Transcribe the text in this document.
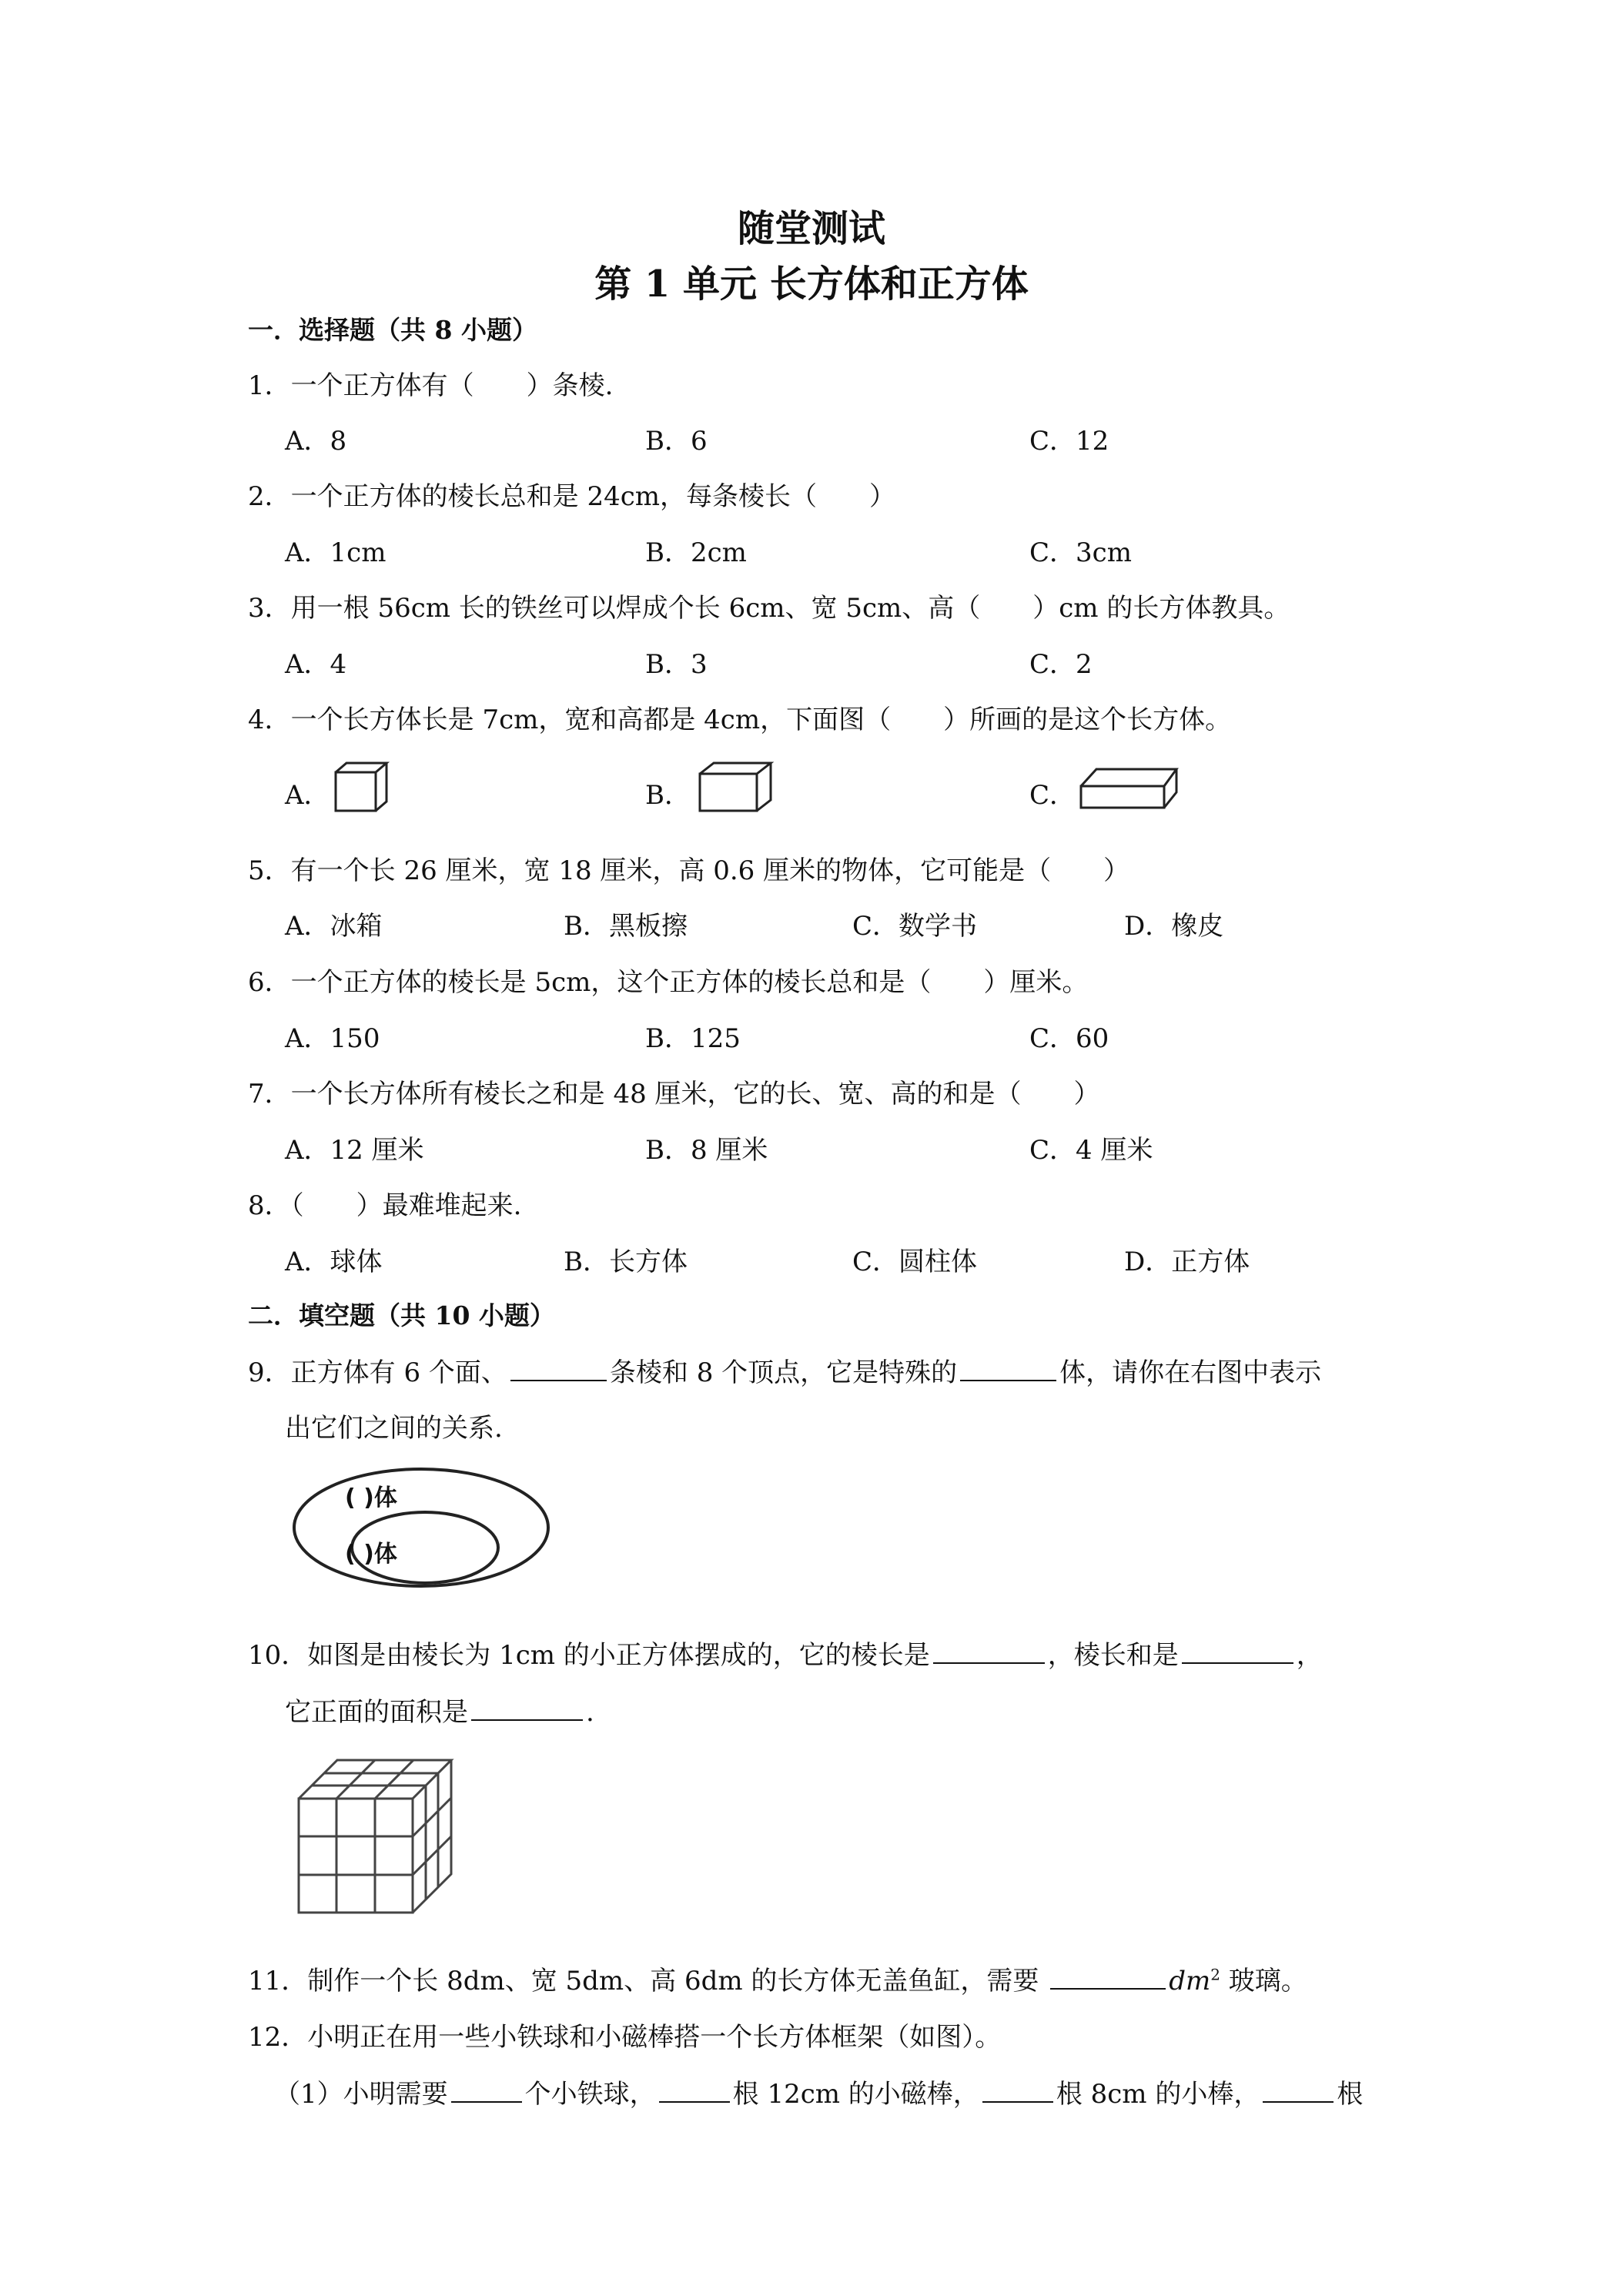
随堂测试
第 1 单元 长方体和正方体
一．选择题（共 8 小题）
1．一个正方体有（　　）条棱.
A．8	B．6	C．12
2．一个正方体的棱长总和是 24cm，每条棱长（　　）
A．1cm	B．2cm	C．3cm
3．用一根 56cm 长的铁丝可以焊成个长 6cm、宽 5cm、高（　　）cm 的长方体教具。
A．4	B．3	C．2
4．一个长方体长是 7cm，宽和高都是 4cm，下面图（　　）所画的是这个长方体。
A．	B．	C．
5．有一个长 26 厘米，宽 18 厘米，高 0.6 厘米的物体，它可能是（　　）
A．冰箱	B．黑板擦	C．数学书	D．橡皮
6．一个正方体的棱长是 5cm，这个正方体的棱长总和是（　　）厘米。
A．150	B．125	C．60
7．一个长方体所有棱长之和是 48 厘米，它的长、宽、高的和是（　　）
A．12 厘米	B．8 厘米	C．4 厘米
8．（　　）最难堆起来.
A．球体	B．长方体	C．圆柱体	D．正方体
二．填空题（共 10 小题）
9．正方体有 6 个面、	条棱和 8 个顶点，它是特殊的	体，请你在右图中表示
出它们之间的关系.
( )体
( )体
10．如图是由棱长为 1cm 的小正方体摆成的，它的棱长是	，棱长和是	，
它正面的面积是	.
11．制作一个长 8dm、宽 5dm、高 6dm 的长方体无盖鱼缸，需要	$dm^2$ 玻璃。
12．小明正在用一些小铁球和小磁棒搭一个长方体框架（如图）。
（1）小明需要	个小铁球，	根 12cm 的小磁棒，	根 8cm 的小棒，	根
